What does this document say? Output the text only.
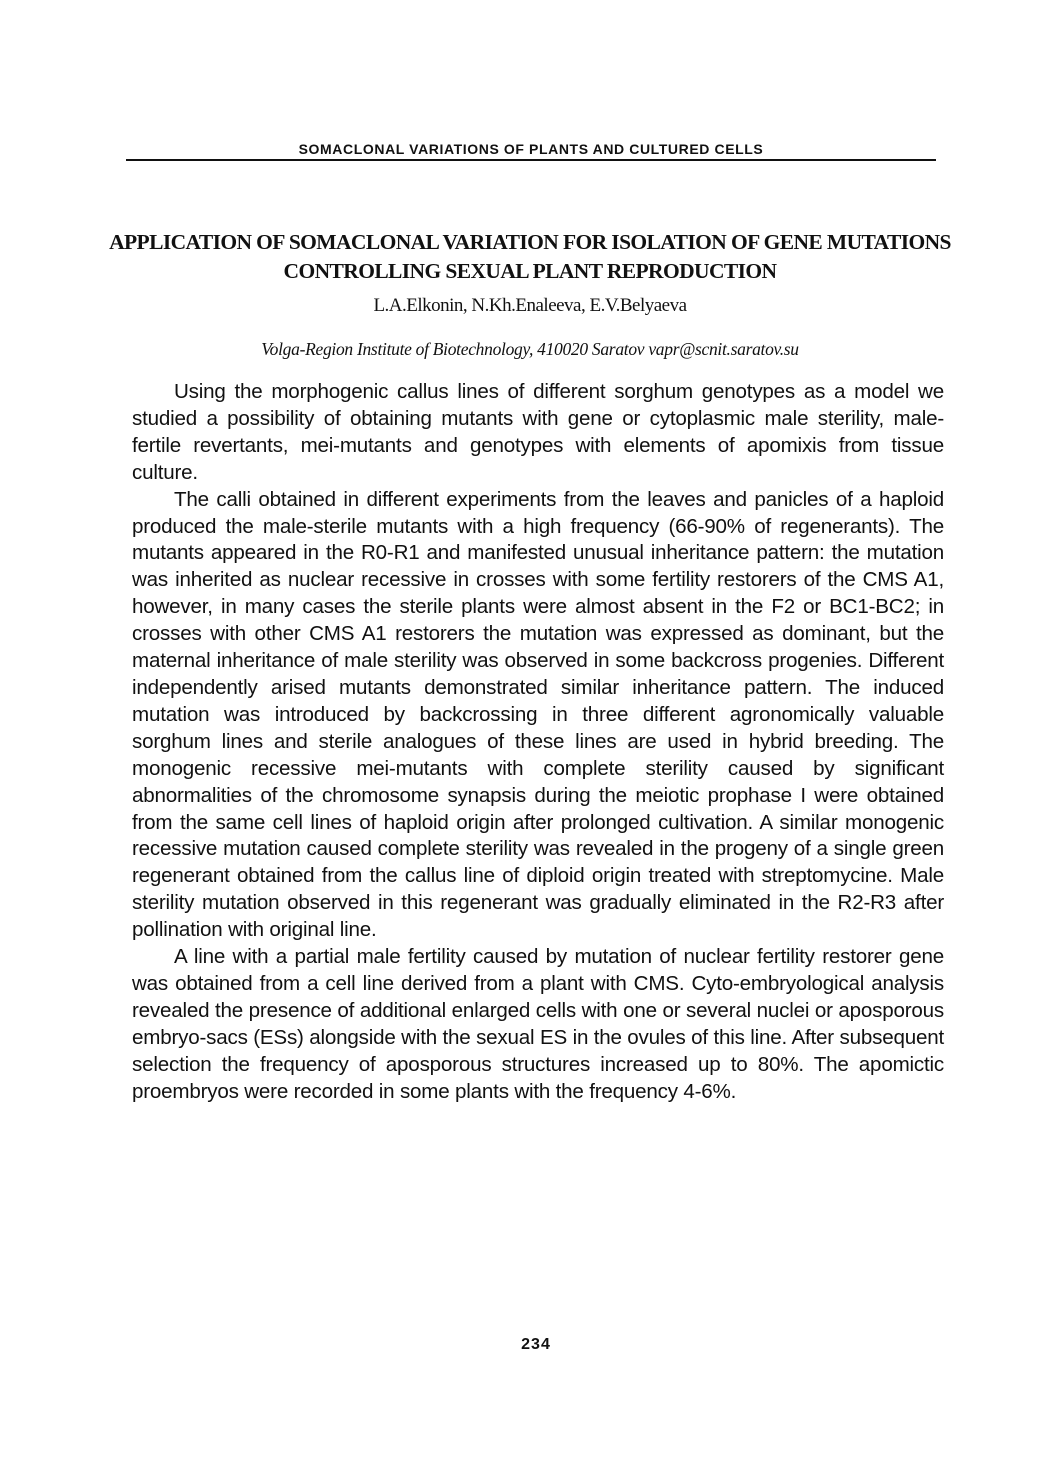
SOMACLONAL VARIATIONS OF PLANTS AND CULTURED CELLS
APPLICATION OF SOMACLONAL VARIATION FOR ISOLATION OF GENE MUTATIONS CONTROLLING SEXUAL PLANT REPRODUCTION
L.A.Elkonin, N.Kh.Enaleeva, E.V.Belyaeva
Volga-Region Institute of Biotechnology, 410020 Saratov vapr@scnit.saratov.su

Using the morphogenic callus lines of different sorghum genotypes as a model we studied a possibility of obtaining mutants with gene or cytoplasmic male sterility, male-fertile revertants, mei-mutants and genotypes with elements of apomixis from tissue culture.

The calli obtained in different experiments from the leaves and panicles of a haploid produced the male-sterile mutants with a high frequency (66-90% of regenerants). The mutants appeared in the R0-R1 and manifested unusual inheritance pattern: the mutation was inherited as nuclear recessive in crosses with some fertility restorers of the CMS A1, however, in many cases the sterile plants were almost absent in the F2 or BC1-BC2; in crosses with other CMS A1 restorers the mutation was expressed as dominant, but the maternal inheritance of male sterility was observed in some backcross progenies. Different independently arised mutants demonstrated similar inheritance pattern. The induced mutation was introduced by backcrossing in three different agronomically valuable sorghum lines and sterile analogues of these lines are used in hybrid breeding. The monogenic recessive mei-mutants with complete sterility caused by significant abnormalities of the chromosome synapsis during the meiotic prophase I were obtained from the same cell lines of haploid origin after prolonged cultivation. A similar monogenic recessive mutation caused complete sterility was revealed in the progeny of a single green regenerant obtained from the callus line of diploid origin treated with streptomycine. Male sterility mutation observed in this regenerant was gradually eliminated in the R2-R3 after pollination with original line.

A line with a partial male fertility caused by mutation of nuclear fertility restorer gene was obtained from a cell line derived from a plant with CMS. Cyto-embryological analysis revealed the presence of additional enlarged cells with one or several nuclei or aposporous embryo-sacs (ESs) alongside with the sexual ES in the ovules of this line. After subsequent selection the frequency of aposporous structures increased up to 80%. The apomictic proembryos were recorded in some plants with the frequency 4-6%.

234
